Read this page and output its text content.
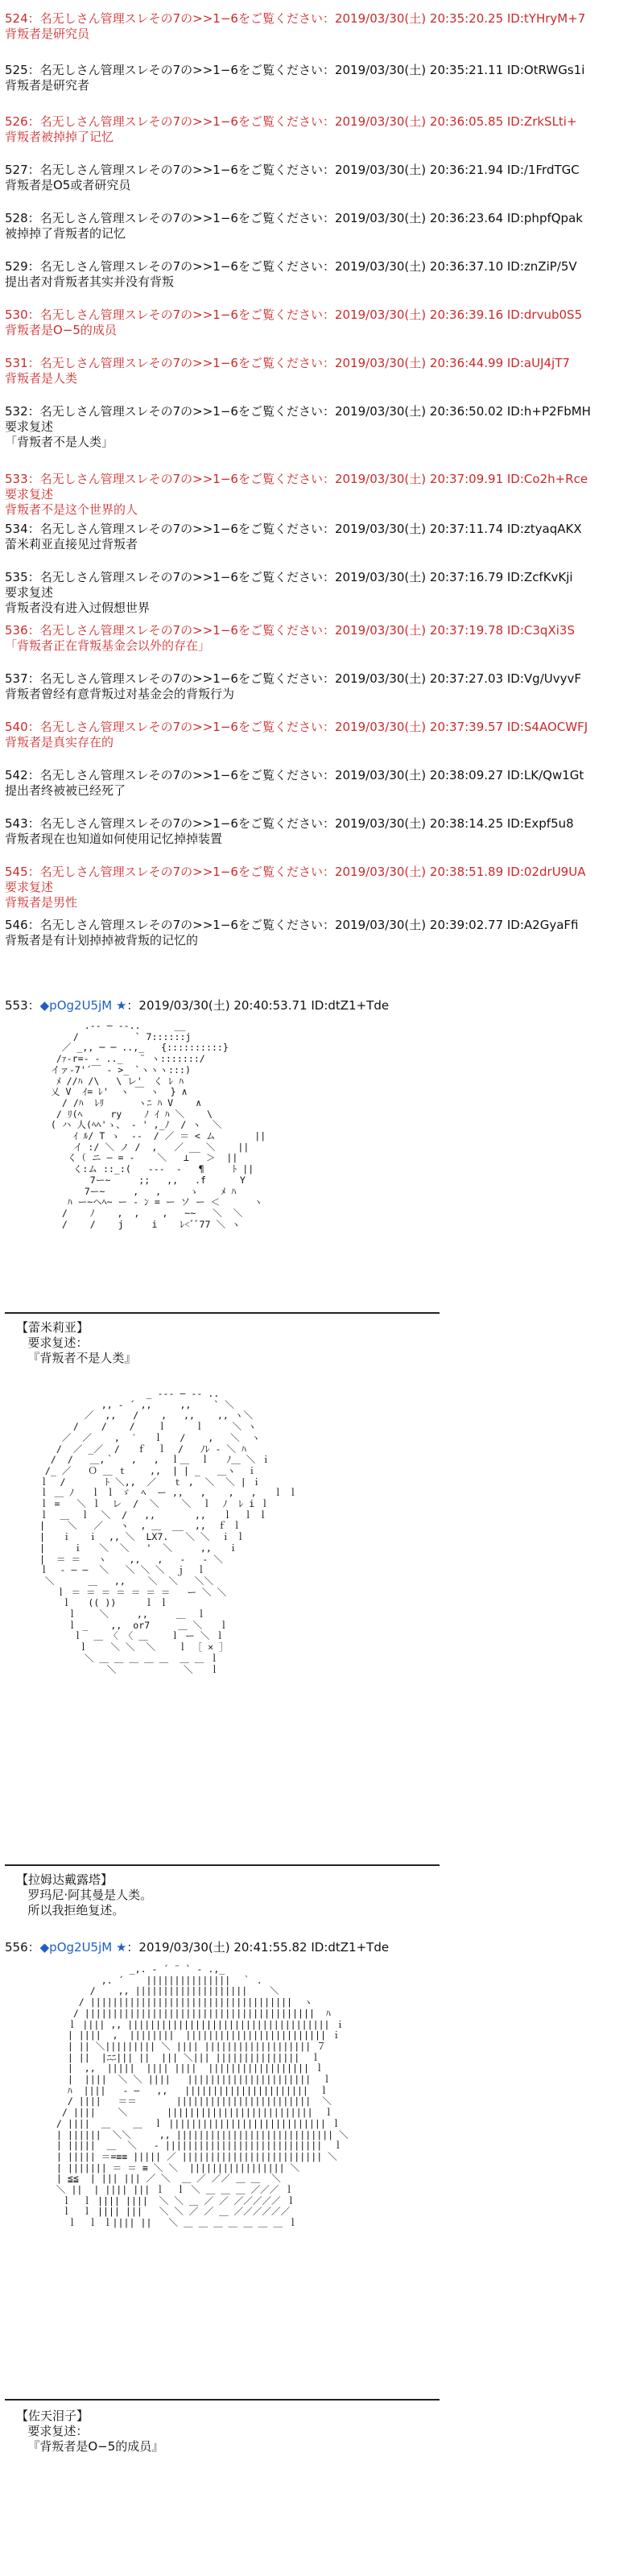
524：名无しさん管理スレその7の>>1−6をご覧ください：2019/03/30(土) 20:35:20.25 ID:tYHryM+7
背叛者是研究员
525：名无しさん管理スレその7の>>1−6をご覧ください：2019/03/30(土) 20:35:21.11 ID:OtRWGs1i
背叛者是研究者
526：名无しさん管理スレその7の>>1−6をご覧ください：2019/03/30(土) 20:36:05.85 ID:ZrkSLti+
背叛者被掉掉了记忆
527：名无しさん管理スレその7の>>1−6をご覧ください：2019/03/30(土) 20:36:21.94 ID:/1FrdTGC
背叛者是O5或者研究员
528：名无しさん管理スレその7の>>1−6をご覧ください：2019/03/30(土) 20:36:23.64 ID:phpfQpak
被掉掉了背叛者的记忆
529：名无しさん管理スレその7の>>1−6をご覧ください：2019/03/30(土) 20:36:37.10 ID:znZiP/5V
提出者对背叛者其实并没有背叛
530：名无しさん管理スレその7の>>1−6をご覧ください：2019/03/30(土) 20:36:39.16 ID:drvub0S5
背叛者是O−5的成员
531：名无しさん管理スレその7の>>1−6をご覧ください：2019/03/30(土) 20:36:44.99 ID:aUJ4jT7
背叛者是人类
532：名无しさん管理スレその7の>>1−6をご覧ください：2019/03/30(土) 20:36:50.02 ID:h+P2FbMH
要求复述
「背叛者不是人类」
533：名无しさん管理スレその7の>>1−6をご覧ください：2019/03/30(土) 20:37:09.91 ID:Co2h+Rce
要求复述
背叛者不是这个世界的人
534：名无しさん管理スレその7の>>1−6をご覧ください：2019/03/30(土) 20:37:11.74 ID:ztyaqAKX
蕾米莉亚直接见过背叛者
535：名无しさん管理スレその7の>>1−6をご覧ください：2019/03/30(土) 20:37:16.79 ID:ZcfKvKji
要求复述
背叛者没有进入过假想世界
536：名无しさん管理スレその7の>>1−6をご覧ください：2019/03/30(土) 20:37:19.78 ID:C3qXi3S
「背叛者正在背叛基金会以外的存在」
537：名无しさん管理スレその7の>>1−6をご覧ください：2019/03/30(土) 20:37:27.03 ID:Vg/UvyvF
背叛者曾经有意背叛过对基金会的背叛行为
540：名无しさん管理スレその7の>>1−6をご覧ください：2019/03/30(土) 20:37:39.57 ID:S4AOCWFJ
背叛者是真实存在的
542：名无しさん管理スレその7の>>1−6をご覧ください：2019/03/30(土) 20:38:09.27 ID:LK/Qw1Gt
提出者终被被已经死了
543：名无しさん管理スレその7の>>1−6をご覧ください：2019/03/30(土) 20:38:14.25 ID:Expf5u8
背叛者现在也知道如何使用记忆掉掉装置
545：名无しさん管理スレその7の>>1−6をご覧ください：2019/03/30(土) 20:38:51.89 ID:02drU9UA
要求复述
背叛者是男性
546：名无しさん管理スレその7の>>1−6をご覧ください：2019/03/30(土) 20:39:02.77 ID:A2GyaFfi
背叛者是有计划掉掉被背叛的记忆的
553：◆pOg2U5jM ★：2019/03/30(土) 20:40:53.71 ID:dtZ1+Tde
.-‐ ― ‐-..      __
/          ` 7::::::j
／ _,, ─ ─ ..,_   {::::::::::}
/ｧ-r=‐ - .._   ¨ ヽ:::::::/
イァ‐7'´￣ ‐ >_ `ヽヽヽ:::)
ﾒ //ﾊ /\   \ レ'  く ﾚ ﾊ
乂 V  ｲ= ﾚ'  ヽ ￣ ヽ  } ∧
/ /ﾊ  ﾚﾘ      ヽﾆ ﾊ V    ∧
/ ﾘ(ﾍ     ry    ﾉ ｲ ﾊ ＼    \
( ハ 人(ﾍﾍ'ゝ、 ‐ ' ,_ﾉ  / ヽ  ＼
ｲ ﾙ/ T ゝ  --  / ／ ＝ < ム       ||
イ :/ ＼ ノ /  ,   ／ __ ＼    ||
く（ ニ ― = ‐    ＼   ⊥   ＞  ||
く:ム ::_:(   ---  ‐   ¶     ﾄ ||
7ー~     ;;   ,,   .f      Y
7ー~     ,   ,     ゝ    ﾒ ﾊ
ﾊ ー~ヘﾍ~ ー ‐ ﾝ = ー ソ ー ＜      ヽ
/    ﾉ    ,  ,    ,   ~~   ＼  ＼
/    /    j     i    ﾚ<ﾞﾞ77 ＼ ヽ
【蕾米莉亚】
要求复述：
『背叛者不是人类』
_ ‐‐‐ ― ‐‐ ..
,, ‐ ´ ,,     ,,    ` ＼
／  ,,   /    ,   ,,    ,, ヽ＼
/    /    /    ｌ     ｌ     ＼ ヽ
／  ／    ,  ′   ｌ   /    ,   ＼  ヽ
/  ／ _／  /   ｆ  ｌ  /   ﾉﾚ ‐ ＼ ﾊ
/  /   ＿,｀   ,   ,  ｌ＿  ｌ   ﾉ＿ ＼ ｉ
/_ ／   Ｏ ＿ ｔ    ,,  | | _   ＿ヽ  ｉ
ｌ  /       ﾄ ＼,,  ／   ｔ ,  ＼  ＼ | ｉ
ｌ ＿ ﾉ   ｌ ｌ ゞ  ﾍ  ー ,,   ,    ,   ,   ｌ ｌ
ｌ =   ＼ ｌ  レ  /  ＼    ＼  ｌ  ﾉ  ﾚ i ｌ
ｌ  ＿  ｌ  ＼  /   ,,       ,,   ｌ  ｌ ｌ
|    ＼   ／   ヽ  , ＿  __  ,,  ｆ ｌ
|   ｉ   ｉ  ,, ＼  LX7.   ＼ ＼  ｉ ｌ
|     ｉ   ＼  ＼   '  ＼     ,,   ｉ
|  ＝ ＝   ヽ    ,,   ,   ‐   ‐ ＼
ｌ  ‐ ― ―  ＼   ＼ ＼ ＼  ｊ  ｌ
＼      ＿   ,,    ＼  ＼   ＼＼
ｌ ＝ ＝ ＝ ＝ ＝ ＝ ＝   ー ＼ ＼
ｌ   (( ))     ｌ ｌ
ｌ    ＼     ,,     ＿  ｌ
ｌ _    ,,  or7     ＿ ＼   ｌ
ｌ  ＿ 〈 〈 ＿    ｌ ー ＼ ｌ
ｌ    ＼ ＼  ＼    ｌ ［ × ］
＼ ＿ ＿ ＿ ＿ ＿  ＿ ＿ ｌ
＼            ＼   ｌ
【拉姆达戴露塔】
罗玛尼·阿其曼是人类。
所以我拒绝复述。
556：◆pOg2U5jM ★：2019/03/30(土) 20:41:55.82 ID:dtZ1+Tde
_,. ‐ ´ ¨ ` ‐ .,_
,. ´    |||||||||||||||  ｀ .
/    ,, ||||||||||||||||||||    ＼
/ ||||||||||||||||||||||||||||||||||||  ヽ
/ |||||||||||||||||||||||||||||||||||||||||  ﾊ
ｌ |||| ,, |||||||||||||||||||||||||||||||||||| ｉ
| ||||  ,  ||||||||  ||||||||||||||||||||||||| ｉ
| || ＼||||||||| ＼ |||| ||||||||||||||||||| ７
| ||  |ﾆﾆ||| ||  ||| ＼||| |||||||||||||||  ｌ
|  ,,  |||||  |||| ||||  |||||||||||||||||| ｌ
|  ||||  ＼ ＼ ||||   ||||||||||||||||||||||  ｌ
ﾊ  ||||   ‐ ―   ,,   ||||||||||||||||||||||  ｌ
/ ||||   ＝＝       ||||||||||||||||||||||||  ＼
/ ||||    ＼       ||||||||||||||||||||||||||  ｌ
/ ||||  ＿    ＿  ｌ |||||||||||||||||||||||||||| ｌ
| ||||||  ＼＼     ,, |||||||||||||||||||||||||||| ＼
| |||||  ＿  ＼   ‐ ||||||||||||||||||||||||||||  ｌ
| ||||| ＝=≡≡ ||||| ／ ||||||||||||||||||||||||| ＼
| ||||||| ＝ ＝ ≡ ＼ ＼  ||||||||||||||||| ＼
| ≦≦  | ||| ||| ／ ＼  ＿ ／ ／／ ＿ ＿  ＼
＼ ||  | |||| ||| ｌ  ｌ ＼ ＿ ＿ ＿ ／／／ ｌ
ｌ  ｌ |||| ||||  ＼ ＼ ＿ ／ ／ ／／／／／ ｌ
ｌ  ｌ |||| |||   ＼ ＼ ／ ／ ＿ ／／／／／／
ｌ  ｌ ｌ|||| ||   ＼ ＿ ＿ ＿ ＿ ＿ ＿ ＿ ｌ
【佐天泪子】
要求复述：
『背叛者是O−5的成员』
